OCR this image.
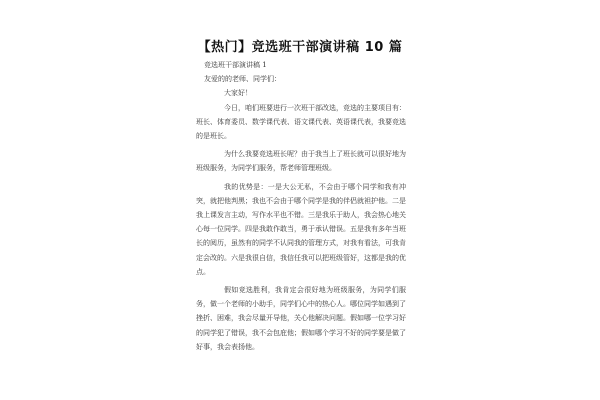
【热门】竞选班干部演讲稿 10 篇

竞选班干部演讲稿 1

友爱的的老师、同学们：

大家好！

今日，咱们班要进行一次班干部改选，竞选的主要项目有：班长、体育委员、数学课代表、语文课代表、英语课代表，我要竞选的是班长。

为什么我要竞选班长呢？由于我当上了班长就可以很好地为班级服务，为同学们服务，帮老师管理班级。

我的优势是：一是大公无私，不会由于哪个同学和我有冲突，就把他判黑；我也不会由于哪个同学是我的伴侣就袒护他。二是我上课发言主动，写作水平也不错。三是我乐于助人，我会热心地关心每一位同学。四是我敢作敢当，勇于承认错误。五是我有多年当班长的阅历，虽然有的同学不认同我的管理方式，对我有看法，可我肯定会改的。六是我很自信，我信任我可以把班级管好，这都是我的优点。

假如竞选胜利，我肯定会很好地为班级服务，为同学们服务，做一个老师的小助手，同学们心中的热心人。哪位同学如遇到了挫折、困难，我会尽量开导他，关心他解决问题。假如哪一位学习好的同学犯了错误，我不会包庇他；假如哪个学习不好的同学要是做了好事，我会表扬他。
